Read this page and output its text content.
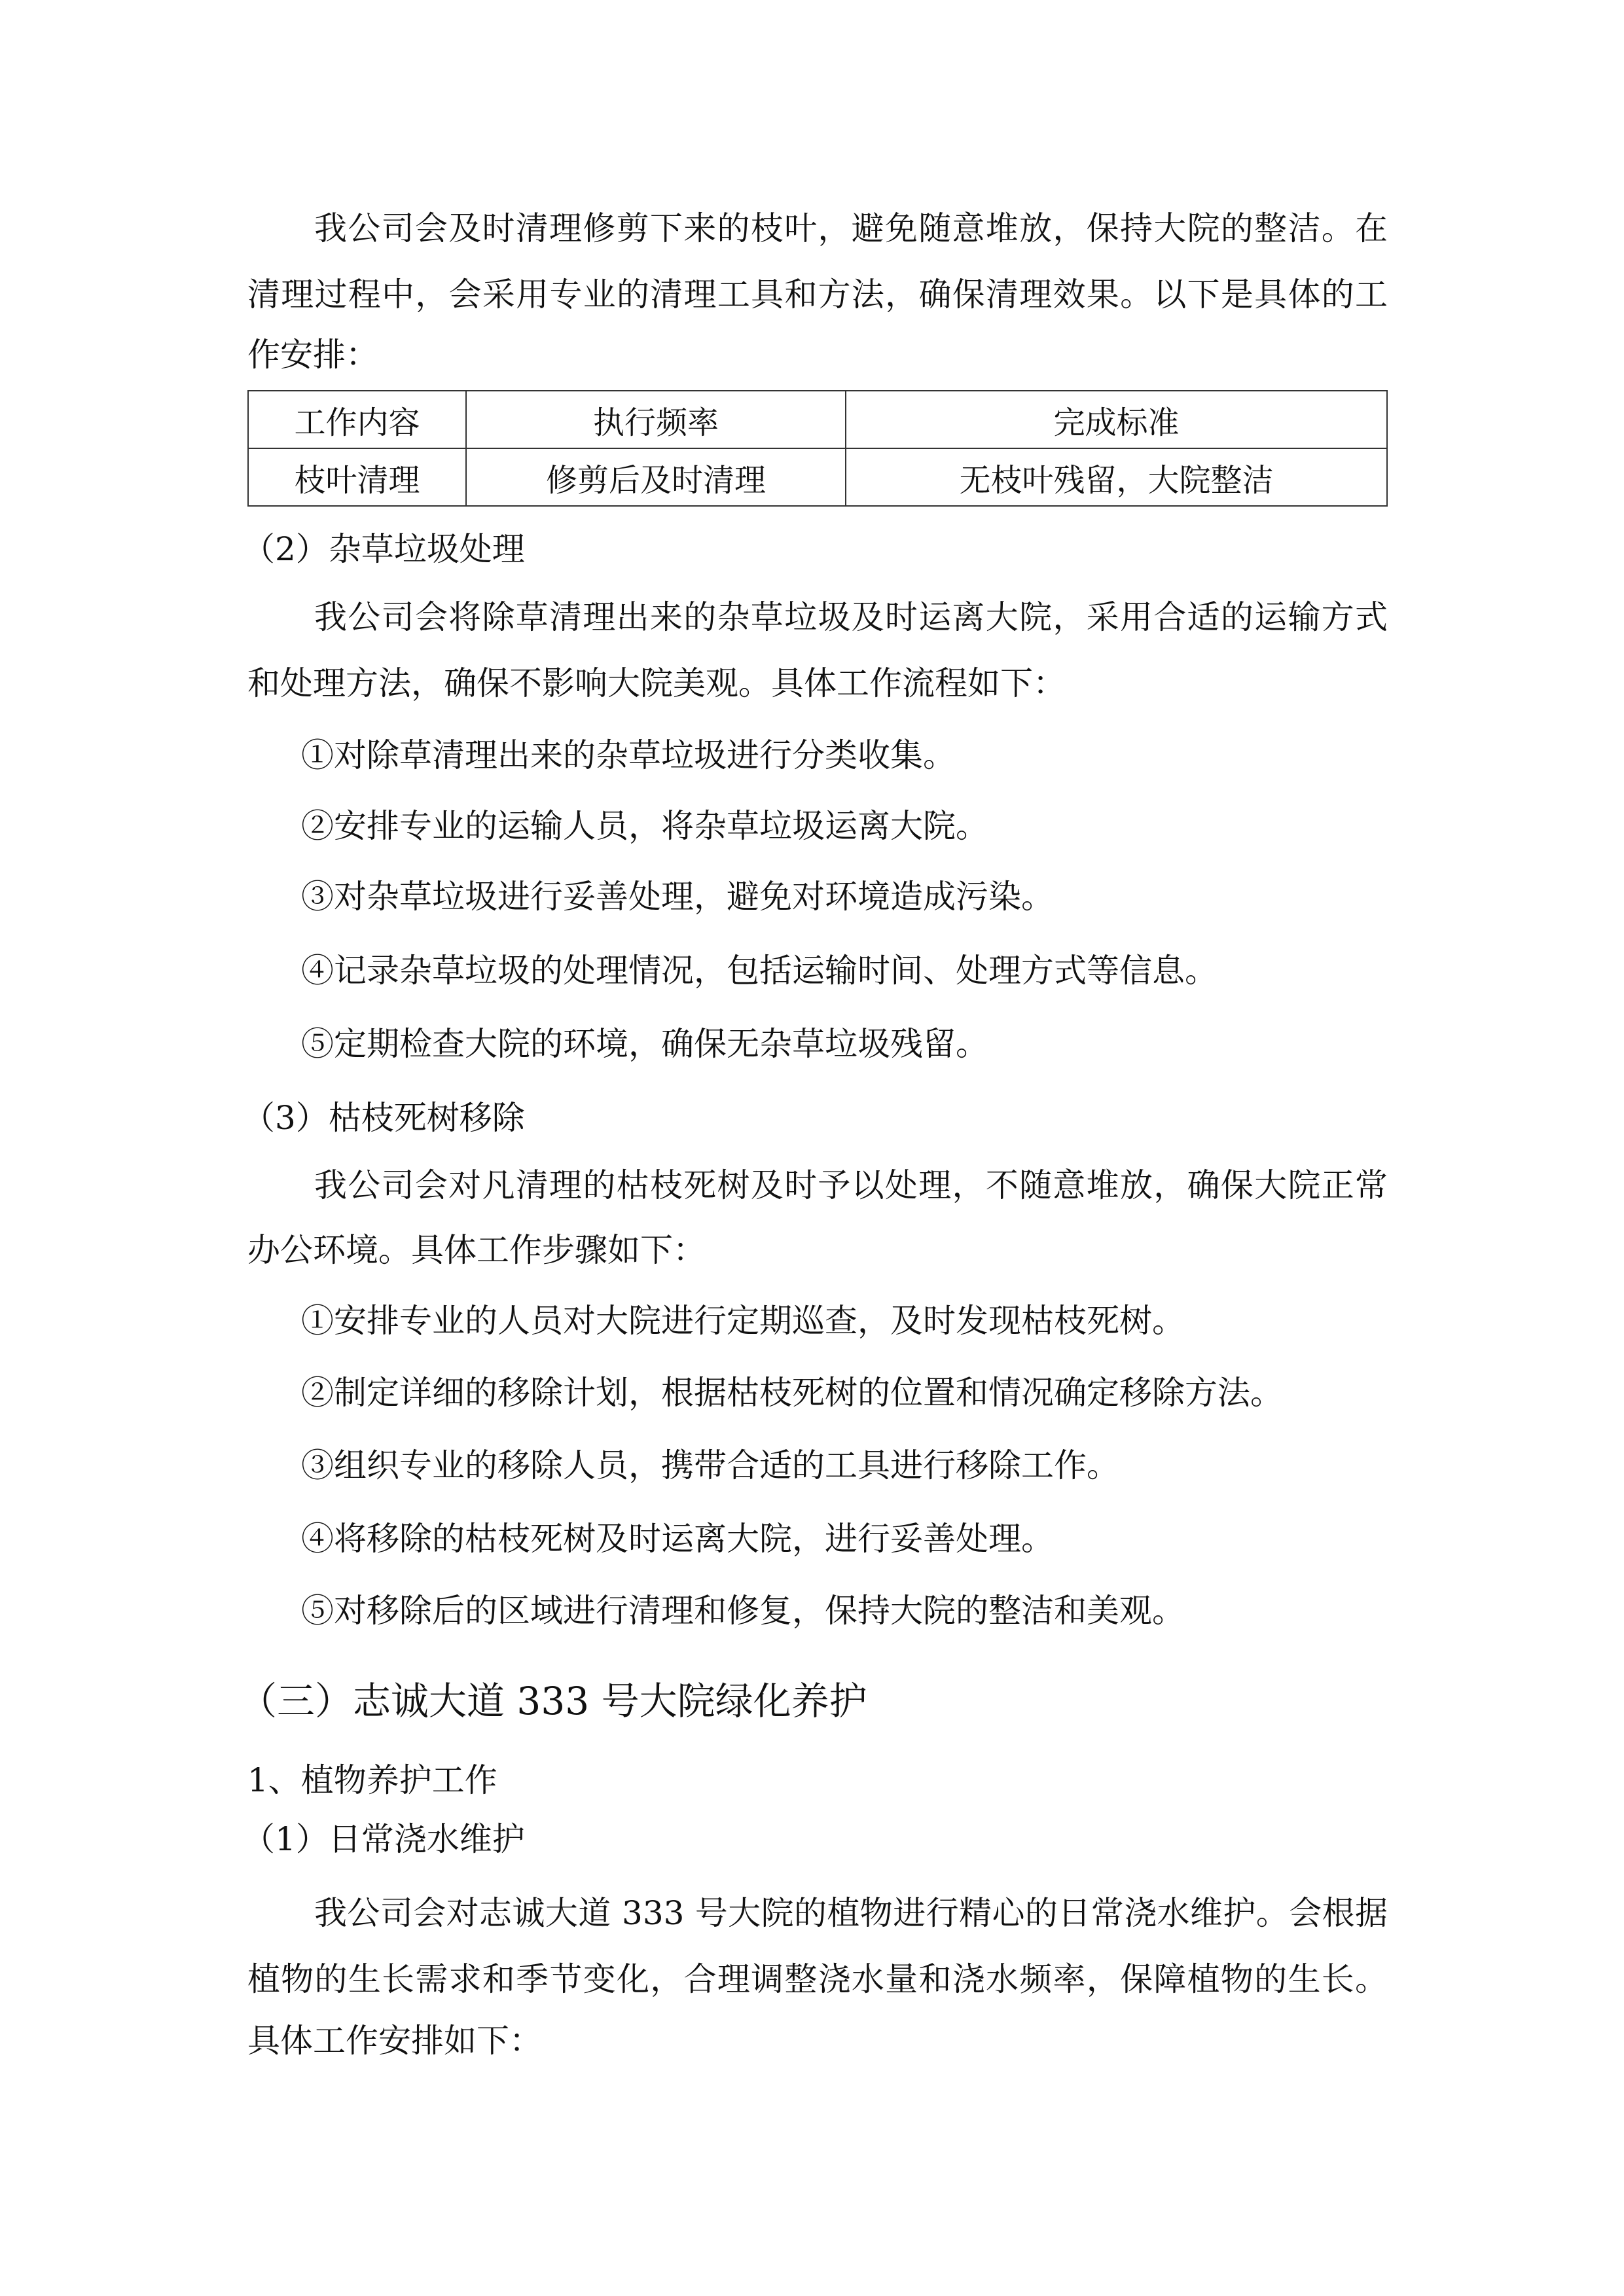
我公司会及时清理修剪下来的枝叶，避免随意堆放，保持大院的整洁。在
清理过程中，会采用专业的清理工具和方法，确保清理效果。以下是具体的工
作安排：
工作内容	执行频率	完成标准
枝叶清理	修剪后及时清理	无枝叶残留，大院整洁
（2）杂草垃圾处理
我公司会将除草清理出来的杂草垃圾及时运离大院，采用合适的运输方式
和处理方法，确保不影响大院美观。具体工作流程如下：
①对除草清理出来的杂草垃圾进行分类收集。
②安排专业的运输人员，将杂草垃圾运离大院。
③对杂草垃圾进行妥善处理，避免对环境造成污染。
④记录杂草垃圾的处理情况，包括运输时间、处理方式等信息。
⑤定期检查大院的环境，确保无杂草垃圾残留。
（3）枯枝死树移除
我公司会对凡清理的枯枝死树及时予以处理，不随意堆放，确保大院正常
办公环境。具体工作步骤如下：
①安排专业的人员对大院进行定期巡查，及时发现枯枝死树。
②制定详细的移除计划，根据枯枝死树的位置和情况确定移除方法。
③组织专业的移除人员，携带合适的工具进行移除工作。
④将移除的枯枝死树及时运离大院，进行妥善处理。
⑤对移除后的区域进行清理和修复，保持大院的整洁和美观。
（三）志诚大道 333 号大院绿化养护
1、植物养护工作
（1）日常浇水维护
我公司会对志诚大道 333 号大院的植物进行精心的日常浇水维护。会根据
植物的生长需求和季节变化，合理调整浇水量和浇水频率，保障植物的生长。
具体工作安排如下：
